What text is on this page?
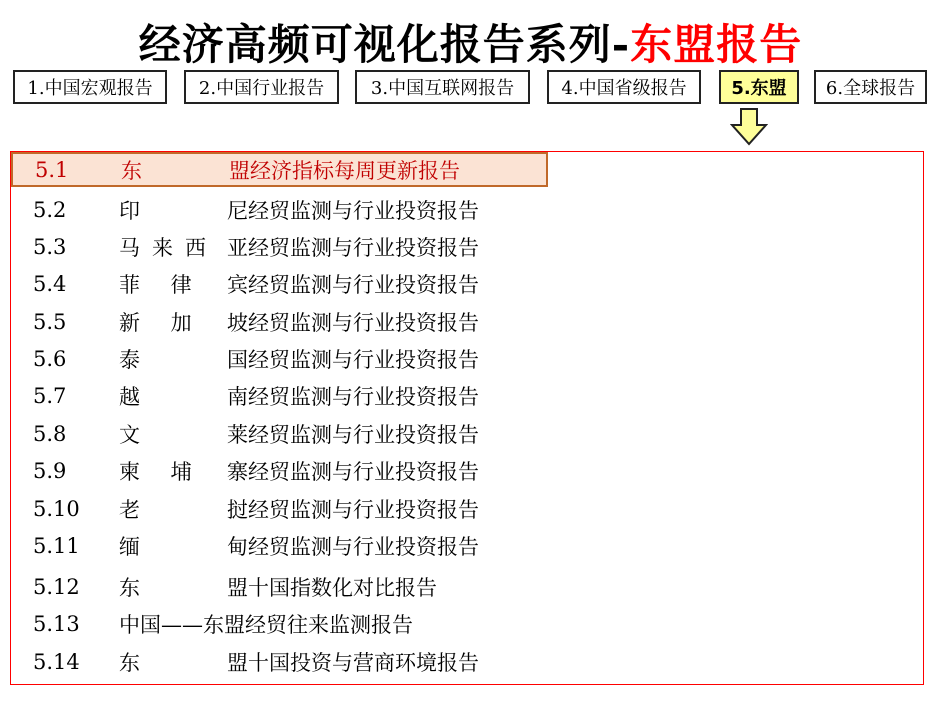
经济高频可视化报告系列-东盟报告
1.中国宏观报告	2.中国行业报告	3.中国互联网报告	4.中国省级报告	5.东盟	6.全球报告
5.1	东	盟经济指标每周更新报告
5.2	印	尼经贸监测与行业投资报告
5.3	马来西 亚经贸监测与行业投资报告
5.4	菲 律 宾经贸监测与行业投资报告
5.5	新 加 坡经贸监测与行业投资报告
5.6	泰	国经贸监测与行业投资报告
5.7	越	南经贸监测与行业投资报告
5.8	文	莱经贸监测与行业投资报告
5.9	柬 埔 寨经贸监测与行业投资报告
5.10 老	挝经贸监测与行业投资报告
5.11 缅	甸经贸监测与行业投资报告
5.12 东	盟十国指数化对比报告
5.13 中国——东盟经贸往来监测报告
5.14 东	盟十国投资与营商环境报告
